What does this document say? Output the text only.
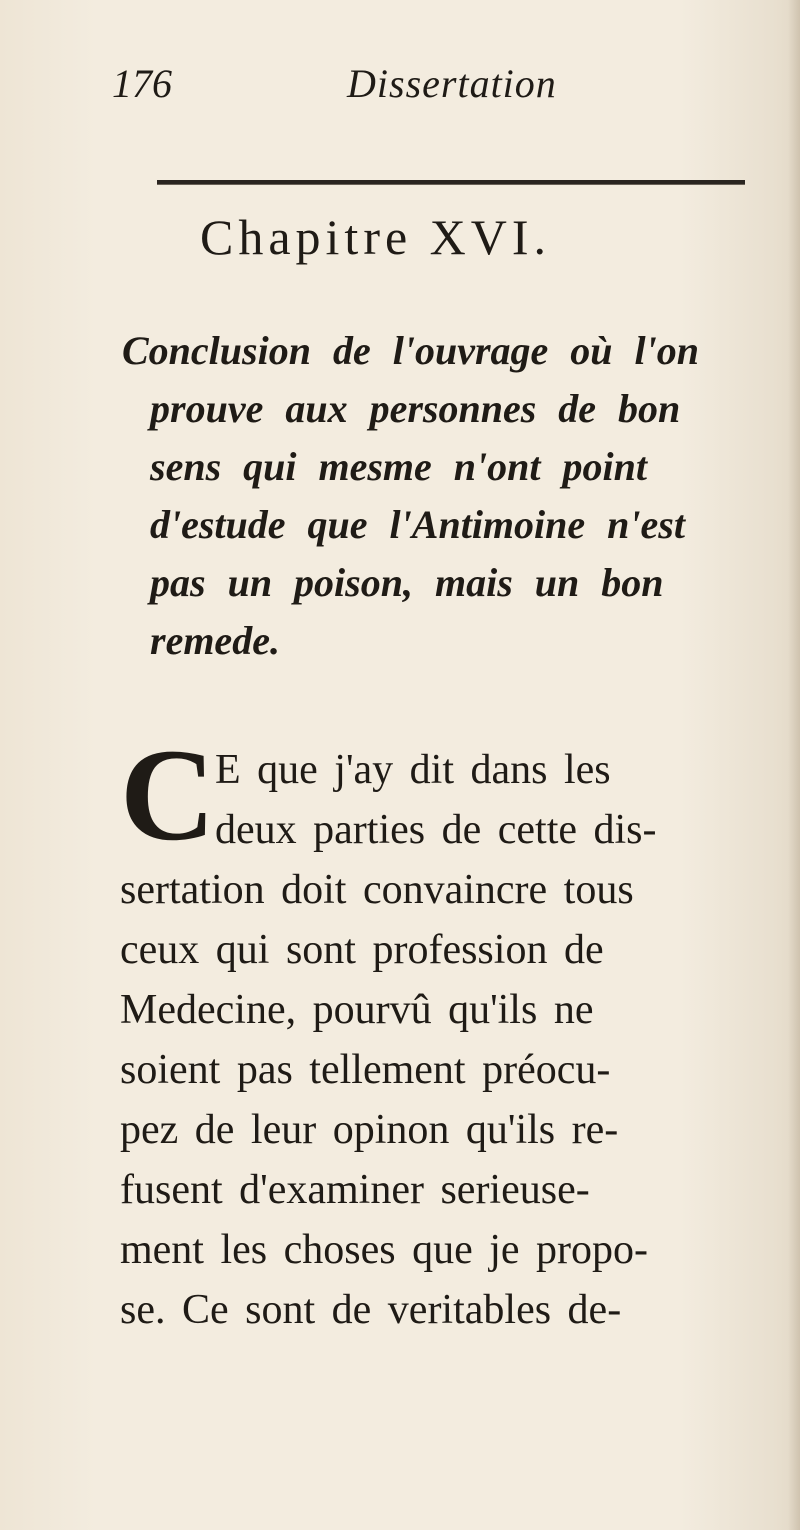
176	Dissertation
Chapitre XVI.
Conclusion de l'ouvrage où l'on
prouve aux personnes de bon
sens qui mesme n'ont point
d'estude que l'Antimoine n'est
pas un poison, mais un bon
remede.
C E que j'ay dit dans les
deux parties de cette dis-
sertation doit convaincre tous
ceux qui sont profession de
Medecine, pourvû qu'ils ne
soient pas tellement préocu-
pez de leur opinon qu'ils re-
fusent d'examiner serieuse-
ment les choses que je propo-
se. Ce sont de veritables de-
